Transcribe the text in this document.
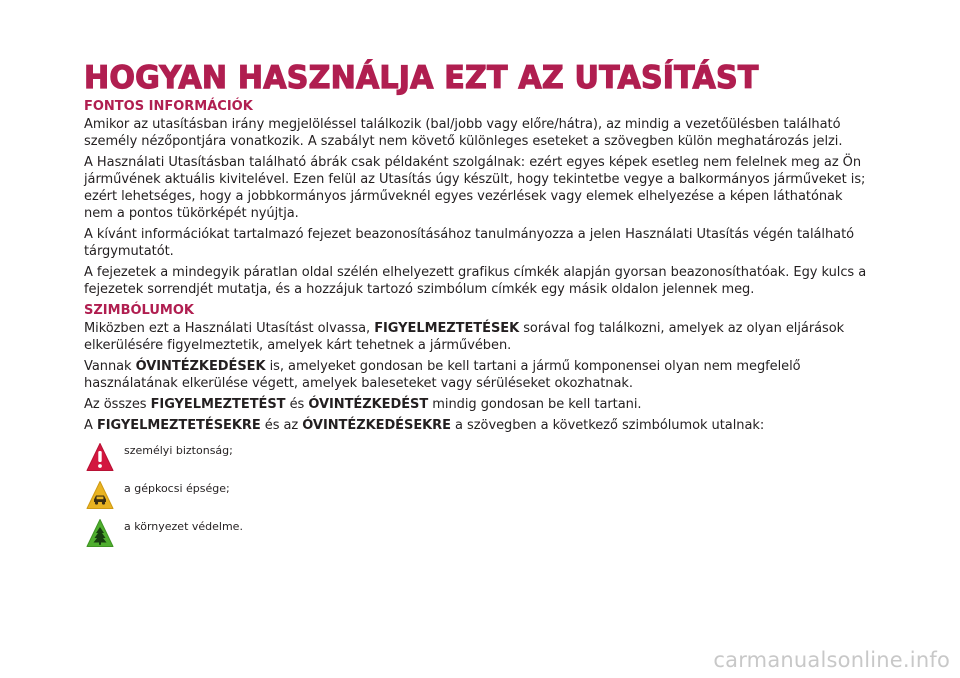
HOGYAN HASZNÁLJA EZT AZ UTASÍTÁST
FONTOS INFORMÁCIÓK

Amikor az utasításban irány megjelöléssel találkozik (bal/jobb vagy előre/hátra), az mindig a vezetőülésben található személy nézőpontjára vonatkozik. A szabályt nem követő különleges eseteket a szövegben külön meghatározás jelzi.

A Használati Utasításban található ábrák csak példaként szolgálnak: ezért egyes képek esetleg nem felelnek meg az Ön járművének aktuális kivitelével. Ezen felül az Utasítás úgy készült, hogy tekintetbe vegye a balkormányos járműveket is; ezért lehetséges, hogy a jobbkormányos járműveknél egyes vezérlések vagy elemek elhelyezése a képen láthatónak nem a pontos tükörképét nyújtja.

A kívánt információkat tartalmazó fejezet beazonosításához tanulmányozza a jelen Használati Utasítás végén található tárgymutatót.

A fejezetek a mindegyik páratlan oldal szélén elhelyezett grafikus címkék alapján gyorsan beazonosíthatóak. Egy kulcs a fejezetek sorrendjét mutatja, és a hozzájuk tartozó szimbólum címkék egy másik oldalon jelennek meg.

SZIMBÓLUMOK

Miközben ezt a Használati Utasítást olvassa, FIGYELMEZTETÉSEK sorával fog találkozni, amelyek az olyan eljárások elkerülésére figyelmeztetik, amelyek kárt tehetnek a járművében.

Vannak ÓVINTÉZKEDÉSEK is, amelyeket gondosan be kell tartani a jármű komponensei olyan nem megfelelő használatának elkerülése végett, amelyek baleseteket vagy sérüléseket okozhatnak.

Az összes FIGYELMEZTETÉST és ÓVINTÉZKEDÉST mindig gondosan be kell tartani.

A FIGYELMEZTETÉSEKRE és az ÓVINTÉZKEDÉSEKRE a szövegben a következő szimbólumok utalnak:

személyi biztonság;
a gépkocsi épsége;
a környezet védelme.
carmanualsonline.info
